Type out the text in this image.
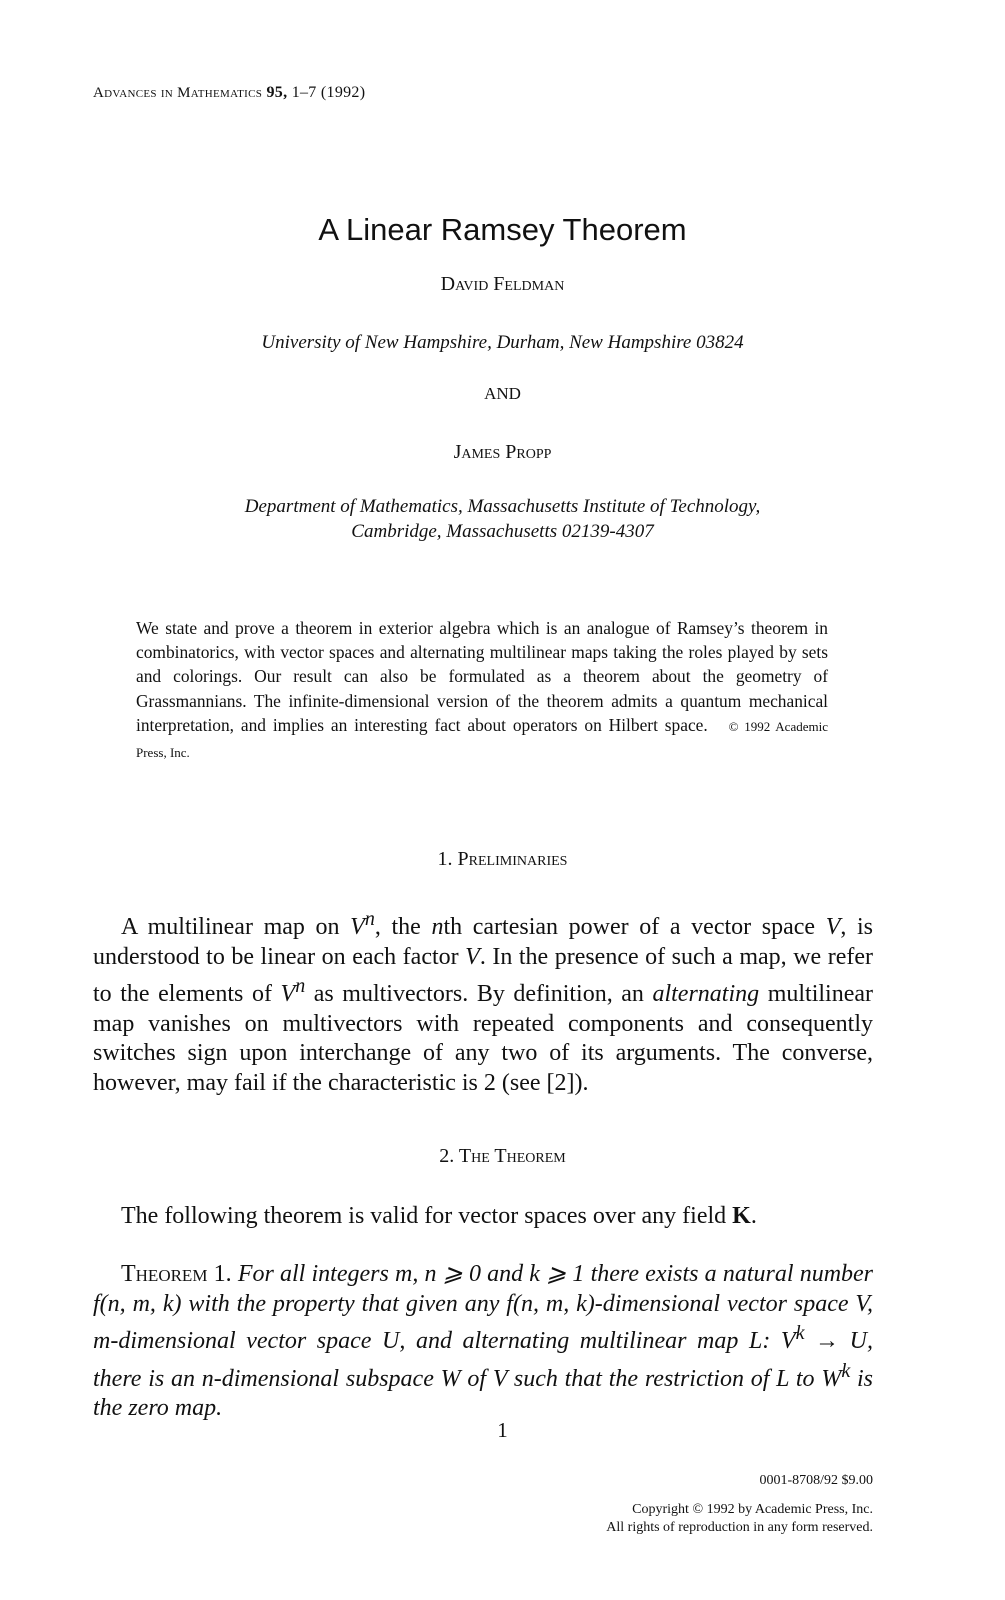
Advances in Mathematics 95, 1–7 (1992)
A Linear Ramsey Theorem
David Feldman
University of New Hampshire, Durham, New Hampshire 03824
AND
James Propp
Department of Mathematics, Massachusetts Institute of Technology,
Cambridge, Massachusetts 02139-4307
We state and prove a theorem in exterior algebra which is an analogue of Ramsey’s theorem in combinatorics, with vector spaces and alternating multilinear maps taking the roles played by sets and colorings. Our result can also be formulated as a theorem about the geometry of Grassmannians. The infinite-dimensional version of the theorem admits a quantum mechanical interpretation, and implies an interesting fact about operators on Hilbert space. © 1992 Academic Press, Inc.
1. Preliminaries

A multilinear map on $V^n$, the nth cartesian power of a vector space V, is understood to be linear on each factor V. In the presence of such a map, we refer to the elements of $V^n$ as multivectors. By definition, an alternating multilinear map vanishes on multivectors with repeated components and consequently switches sign upon interchange of any two of its arguments. The converse, however, may fail if the characteristic is 2 (see [2]).

2. The Theorem

The following theorem is valid for vector spaces over any field K.

Theorem 1. For all integers m, n ⩾ 0 and k ⩾ 1 there exists a natural number f(n, m, k) with the property that given any f(n, m, k)-dimensional vector space V, m-dimensional vector space U, and alternating multilinear map L: $V^k \to U$, there is an n-dimensional subspace W of V such that the restriction of L to $W^k$ is the zero map.

1
0001-8708/92 $9.00
Copyright © 1992 by Academic Press, Inc.
All rights of reproduction in any form reserved.
